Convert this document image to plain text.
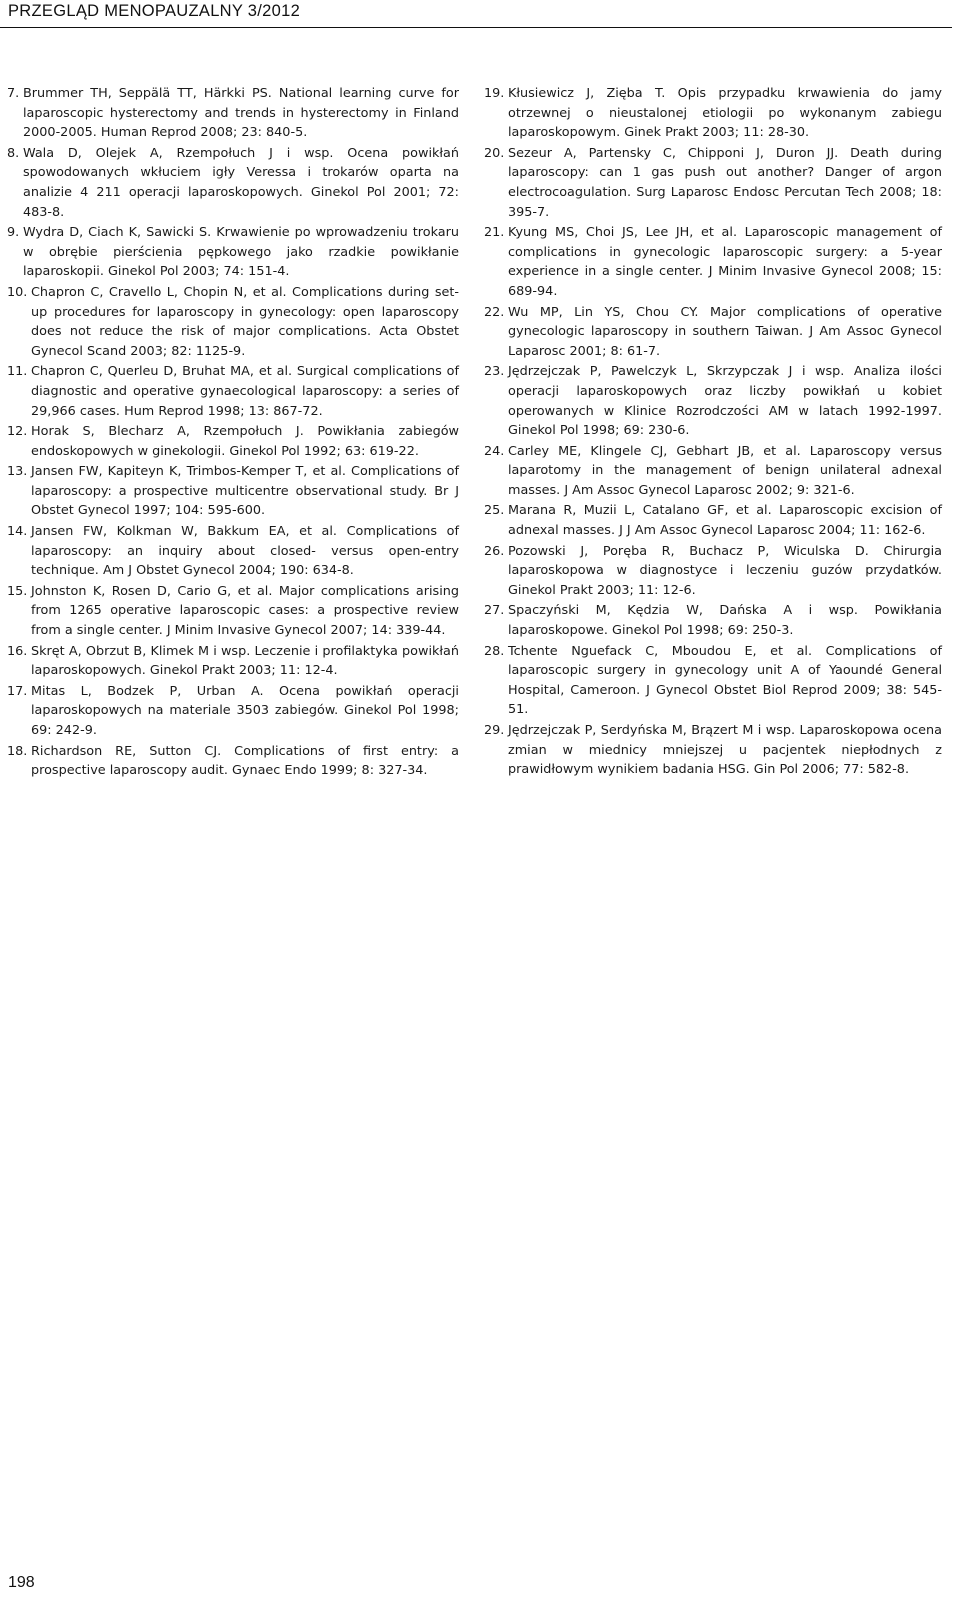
PRZEGLĄD MENOPAUZALNY 3/2012
7. Brummer TH, Seppälä TT, Härkki PS. National learning curve for laparoscopic hysterectomy and trends in hysterectomy in Finland 2000-2005. Human Reprod 2008; 23: 840-5.
8. Wala D, Olejek A, Rzempołuch J i wsp. Ocena powikłań spowodowanych wkłuciem igły Veressa i trokarów oparta na analizie 4 211 operacji laparoskopowych. Ginekol Pol 2001; 72: 483-8.
9. Wydra D, Ciach K, Sawicki S. Krwawienie po wprowadzeniu trokaru w obrębie pierścienia pępkowego jako rzadkie powikłanie laparoskopii. Ginekol Pol 2003; 74: 151-4.
10. Chapron C, Cravello L, Chopin N, et al. Complications during set-up procedures for laparoscopy in gynecology: open laparoscopy does not reduce the risk of major complications. Acta Obstet Gynecol Scand 2003; 82: 1125-9.
11. Chapron C, Querleu D, Bruhat MA, et al. Surgical complications of diagnostic and operative gynaecological laparoscopy: a series of 29,966 cases. Hum Reprod 1998; 13: 867-72.
12. Horak S, Blecharz A, Rzempołuch J. Powikłania zabiegów endoskopowych w ginekologii. Ginekol Pol 1992; 63: 619-22.
13. Jansen FW, Kapiteyn K, Trimbos-Kemper T, et al. Complications of laparoscopy: a prospective multicentre observational study. Br J Obstet Gynecol 1997; 104: 595-600.
14. Jansen FW, Kolkman W, Bakkum EA, et al. Complications of laparoscopy: an inquiry about closed- versus open-entry technique. Am J Obstet Gynecol 2004; 190: 634-8.
15. Johnston K, Rosen D, Cario G, et al. Major complications arising from 1265 operative laparoscopic cases: a prospective review from a single center. J Minim Invasive Gynecol 2007; 14: 339-44.
16. Skręt A, Obrzut B, Klimek M i wsp. Leczenie i profilaktyka powikłań laparoskopowych. Ginekol Prakt 2003; 11: 12-4.
17. Mitas L, Bodzek P, Urban A. Ocena powikłań operacji laparoskopowych na materiale 3503 zabiegów. Ginekol Pol 1998; 69: 242-9.
18. Richardson RE, Sutton CJ. Complications of first entry: a prospective laparoscopy audit. Gynaec Endo 1999; 8: 327-34.
19. Kłusiewicz J, Zięba T. Opis przypadku krwawienia do jamy otrzewnej o nieustalonej etiologii po wykonanym zabiegu laparoskopowym. Ginek Prakt 2003; 11: 28-30.
20. Sezeur A, Partensky C, Chipponi J, Duron JJ. Death during laparoscopy: can 1 gas push out another? Danger of argon electrocoagulation. Surg Laparosc Endosc Percutan Tech 2008; 18: 395-7.
21. Kyung MS, Choi JS, Lee JH, et al. Laparoscopic management of complications in gynecologic laparoscopic surgery: a 5-year experience in a single center. J Minim Invasive Gynecol 2008; 15: 689-94.
22. Wu MP, Lin YS, Chou CY. Major complications of operative gynecologic laparoscopy in southern Taiwan. J Am Assoc Gynecol Laparosc 2001; 8: 61-7.
23. Jędrzejczak P, Pawelczyk L, Skrzypczak J i wsp. Analiza ilości operacji laparoskopowych oraz liczby powikłań u kobiet operowanych w Klinice Rozrodczości AM w latach 1992-1997. Ginekol Pol 1998; 69: 230-6.
24. Carley ME, Klingele CJ, Gebhart JB, et al. Laparoscopy versus laparotomy in the management of benign unilateral adnexal masses. J Am Assoc Gynecol Laparosc 2002; 9: 321-6.
25. Marana R, Muzii L, Catalano GF, et al. Laparoscopic excision of adnexal masses. J J Am Assoc Gynecol Laparosc 2004; 11: 162-6.
26. Pozowski J, Poręba R, Buchacz P, Wiculska D. Chirurgia laparoskopowa w diagnostyce i leczeniu guzów przydatków. Ginekol Prakt 2003; 11: 12-6.
27. Spaczyński M, Kędzia W, Dańska A i wsp. Powikłania laparoskopowe. Ginekol Pol 1998; 69: 250-3.
28. Tchente Nguefack C, Mboudou E, et al. Complications of laparoscopic surgery in gynecology unit A of Yaoundé General Hospital, Cameroon. J Gynecol Obstet Biol Reprod 2009; 38: 545-51.
29. Jędrzejczak P, Serdyńska M, Brązert M i wsp. Laparoskopowa ocena zmian w miednicy mniejszej u pacjentek niepłodnych z prawidłowym wynikiem badania HSG. Gin Pol 2006; 77: 582-8.
198
